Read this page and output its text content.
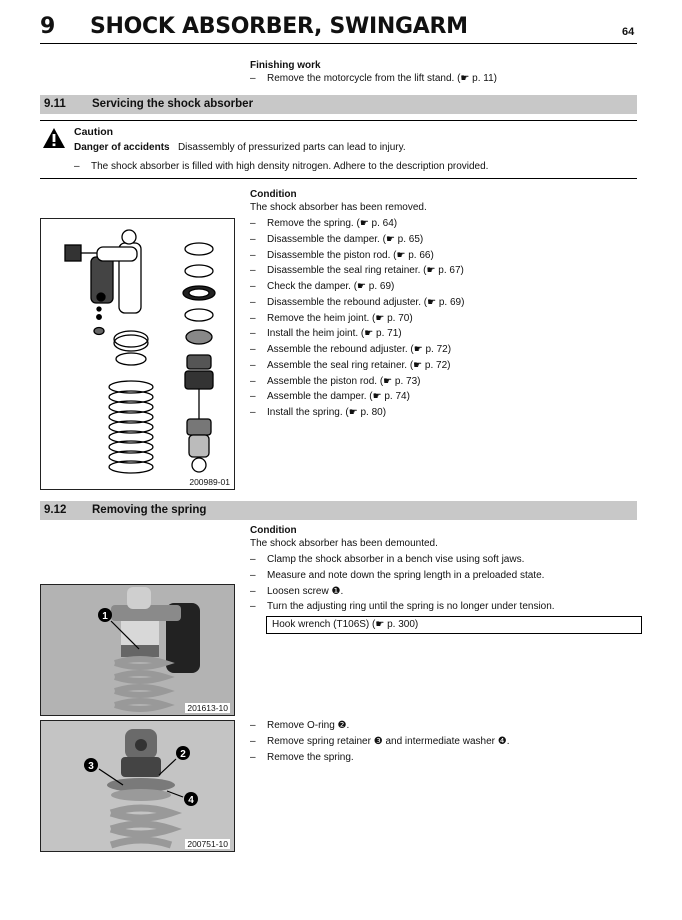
9 SHOCK ABSORBER, SWINGARM	64
Finishing work
– Remove the motorcycle from the lift stand. (☛ p. 11)
9.11 Servicing the shock absorber
Caution
Danger of accidents Disassembly of pressurized parts can lead to injury.
– The shock absorber is filled with high density nitrogen. Adhere to the description provided.
Condition
The shock absorber has been removed.
– Remove the spring. (☛ p. 64)
– Disassemble the damper. (☛ p. 65)
– Disassemble the piston rod. (☛ p. 66)
– Disassemble the seal ring retainer. (☛ p. 67)
– Check the damper. (☛ p. 69)
– Disassemble the rebound adjuster. (☛ p. 69)
– Remove the heim joint. (☛ p. 70)
– Install the heim joint. (☛ p. 71)
– Assemble the rebound adjuster. (☛ p. 72)
– Assemble the seal ring retainer. (☛ p. 72)
– Assemble the piston rod. (☛ p. 73)
– Assemble the damper. (☛ p. 74)
– Install the spring. (☛ p. 80)
200989-01
9.12 Removing the spring
Condition
The shock absorber has been demounted.
– Clamp the shock absorber in a bench vise using soft jaws.
– Measure and note down the spring length in a preloaded state.
– Loosen screw ❶.
– Turn the adjusting ring until the spring is no longer under tension.
Hook wrench (T106S) (☛ p. 300)
1
201613-10
– Remove O-ring ❷.
– Remove spring retainer ❸ and intermediate washer ❹.
– Remove the spring.
2
3
4
200751-10
